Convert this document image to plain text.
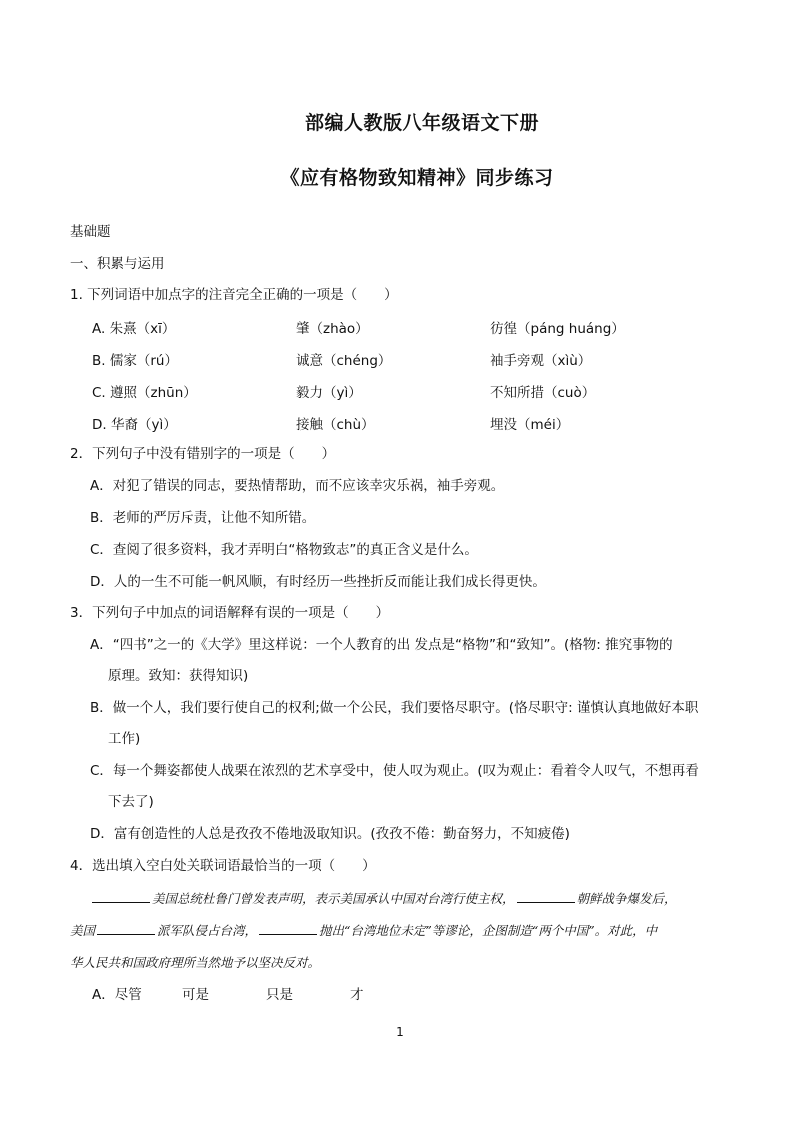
部编人教版八年级语文下册
《应有格物致知精神》同步练习
基础题
一、积累与运用
1. 下列词语中加点字的注音完全正确的一项是（　　）
A. 朱熹（xī）	肇（zhào）	彷徨（páng huáng）
B. 儒家（rú）	诚意（chéng）	袖手旁观（xìù）
C. 遵照（zhūn）	毅力（yì）	不知所措（cuò）
D. 华裔（yì）	接触（chù）	埋没（méi）
2．下列句子中没有错别字的一项是（　　）
A．对犯了错误的同志，要热情帮助，而不应该幸灾乐祸，袖手旁观。
B．老师的严厉斥责，让他不知所错。
C．查阅了很多资料，我才弄明白“格物致志”的真正含义是什么。
D．人的一生不可能一帆风顺，有时经历一些挫折反而能让我们成长得更快。
3．下列句子中加点的词语解释有误的一项是（　　）
A．“四书”之一的《大学》里这样说：一个人教育的出 发点是“格物”和“致知”。(格物: 推究事物的
原理。致知：获得知识)
B．做一个人，我们要行使自己的权利;做一个公民，我们要恪尽职守。(恪尽职守: 谨慎认真地做好本职
工作)
C．每一个舞姿都使人战栗在浓烈的艺术享受中，使人叹为观止。(叹为观止：看着令人叹气，不想再看
下去了)
D．富有创造性的人总是孜孜不倦地汲取知识。(孜孜不倦：勤奋努力，不知疲倦)
4．选出填入空白处关联词语最恰当的一项（　　）
美国总统杜鲁门曾发表声明，表示美国承认中国对台湾行使主权，	朝鲜战争爆发后，
美国	派军队侵占台湾，	抛出“台湾地位未定”等谬论，企图制造“两个中国”。对此，中
华人民共和国政府理所当然地予以坚决反对。
A．尽管	可是	只是	才
1
